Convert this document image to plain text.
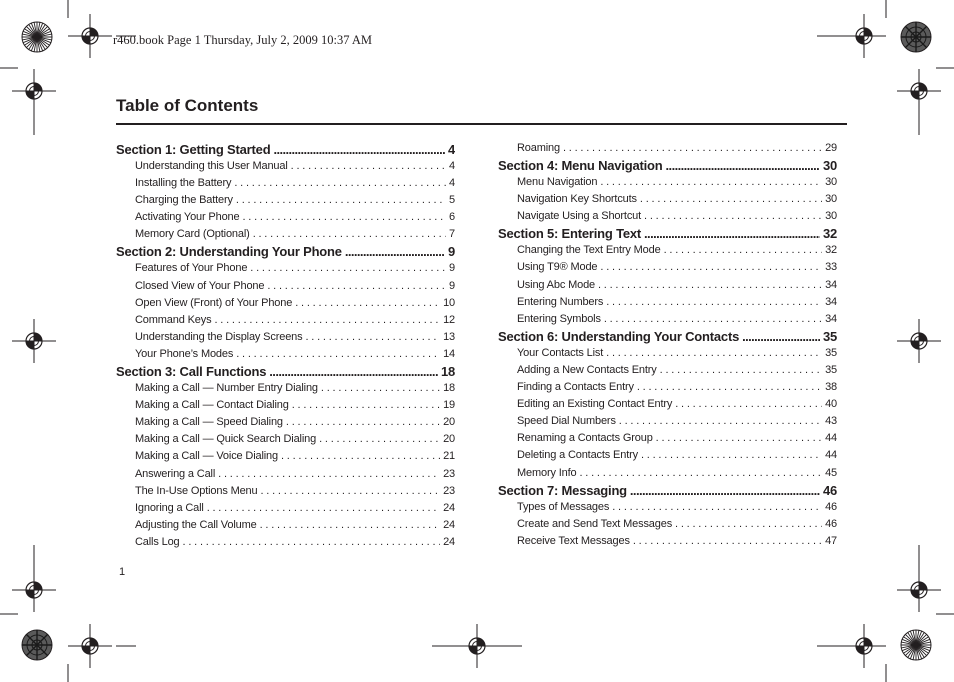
r460.book Page 1 Thursday, July 2, 2009 10:37 AM
Table of Contents
Section 1: Getting Started .....	4
Understanding this User Manual . . .	4
Installing the Battery . . .	4
Charging the Battery . . .	5
Activating Your Phone . . .	6
Memory Card (Optional) . . .	7
Section 2: Understanding Your Phone .....	9
Features of Your Phone . . .	9
Closed View of Your Phone . . .	9
Open View (Front) of Your Phone . . .	10
Command Keys . . .	12
Understanding the Display Screens . . .	13
Your Phone’s Modes . . .	14
Section 3: Call Functions .....	18
Making a Call — Number Entry Dialing . . .	18
Making a Call — Contact Dialing . . .	19
Making a Call — Speed Dialing . . .	20
Making a Call — Quick Search Dialing . . .	20
Making a Call — Voice Dialing . . .	21
Answering a Call . . .	23
The In-Use Options Menu . . .	23
Ignoring a Call . . .	24
Adjusting the Call Volume . . .	24
Calls Log . . .	24
Roaming . . .	29
Section 4: Menu Navigation .....	30
Menu Navigation . . .	30
Navigation Key Shortcuts . . .	30
Navigate Using a Shortcut . . .	30
Section 5: Entering Text .....	32
Changing the Text Entry Mode . . .	32
Using T9® Mode . . .	33
Using Abc Mode . . .	34
Entering Numbers . . .	34
Entering Symbols . . .	34
Section 6: Understanding Your Contacts .....	35
Your Contacts List . . .	35
Adding a New Contacts Entry . . .	35
Finding a Contacts Entry . . .	38
Editing an Existing Contact Entry . . .	40
Speed Dial Numbers . . .	43
Renaming a Contacts Group . . .	44
Deleting a Contacts Entry . . .	44
Memory Info . . .	45
Section 7: Messaging .....	46
Types of Messages . . .	46
Create and Send Text Messages . . .	46
Receive Text Messages . . .	47
1
